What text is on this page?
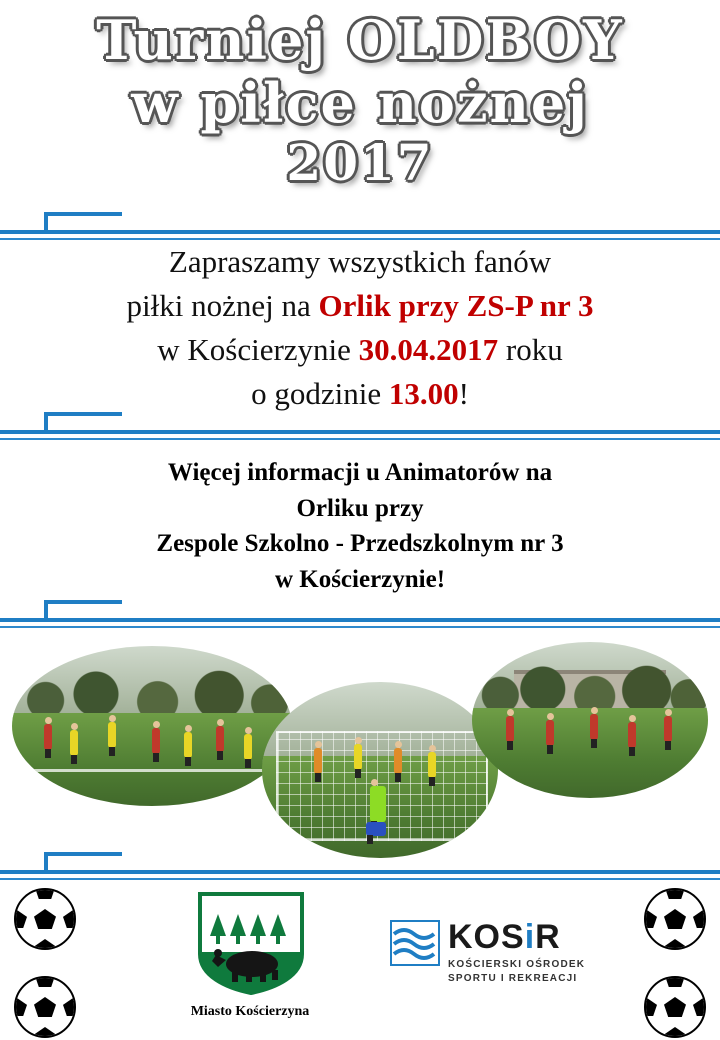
Turniej OLDBOY
w piłce nożnej
2017
Zapraszamy wszystkich fanów
piłki nożnej na Orlik przy ZS-P nr 3
w Kościerzynie 30.04.2017 roku
o godzinie 13.00!
Więcej informacji u Animatorów na
Orliku przy
Zespole Szkolno - Przedszkolnym nr 3
w Kościerzynie!
Miasto Kościerzyna
KOSiR
KOŚCIERSKI OŚRODEK
SPORTU I REKREACJI
